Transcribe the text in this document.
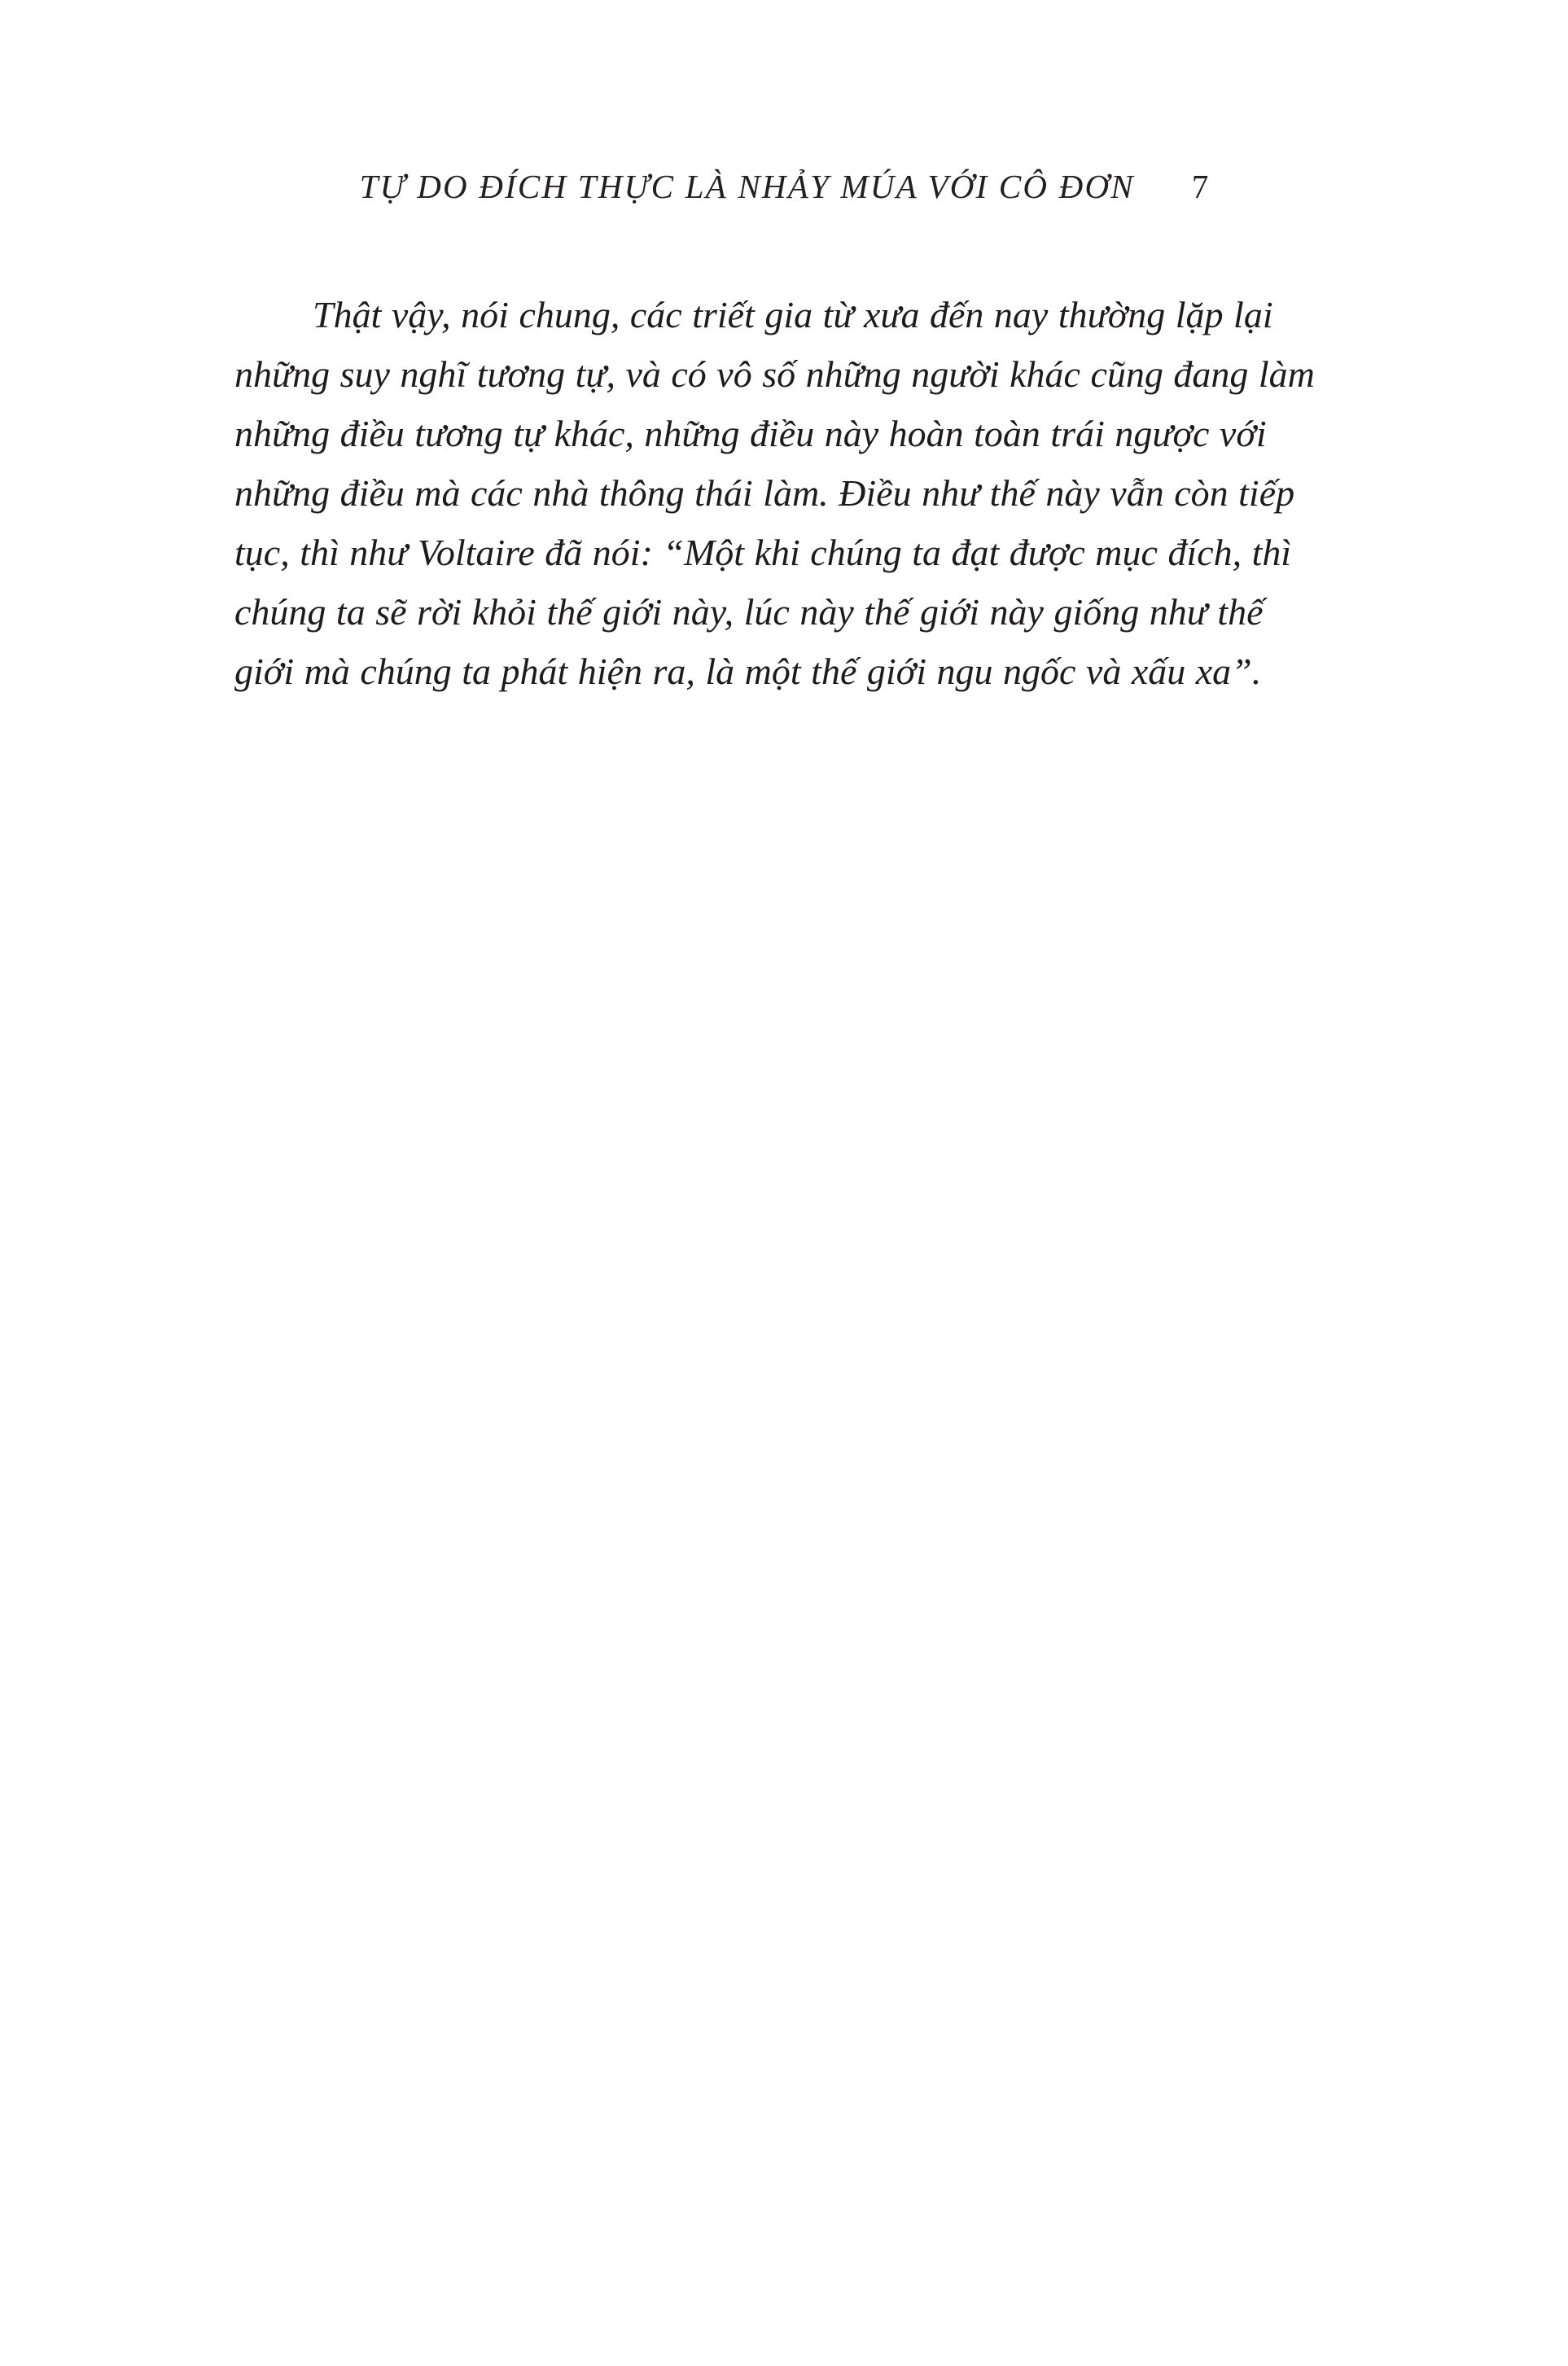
TỰ DO ĐÍCH THỰC LÀ NHẢY MÚA VỚI CÔ ĐƠN 7

Thật vậy, nói chung, các triết gia từ xưa đến nay thường lặp lại những suy nghĩ tương tự, và có vô số những người khác cũng đang làm những điều tương tự khác, những điều này hoàn toàn trái ngược với những điều mà các nhà thông thái làm. Điều như thế này vẫn còn tiếp tục, thì như Voltaire đã nói: “Một khi chúng ta đạt được mục đích, thì chúng ta sẽ rời khỏi thế giới này, lúc này thế giới này giống như thế giới mà chúng ta phát hiện ra, là một thế giới ngu ngốc và xấu xa”.
